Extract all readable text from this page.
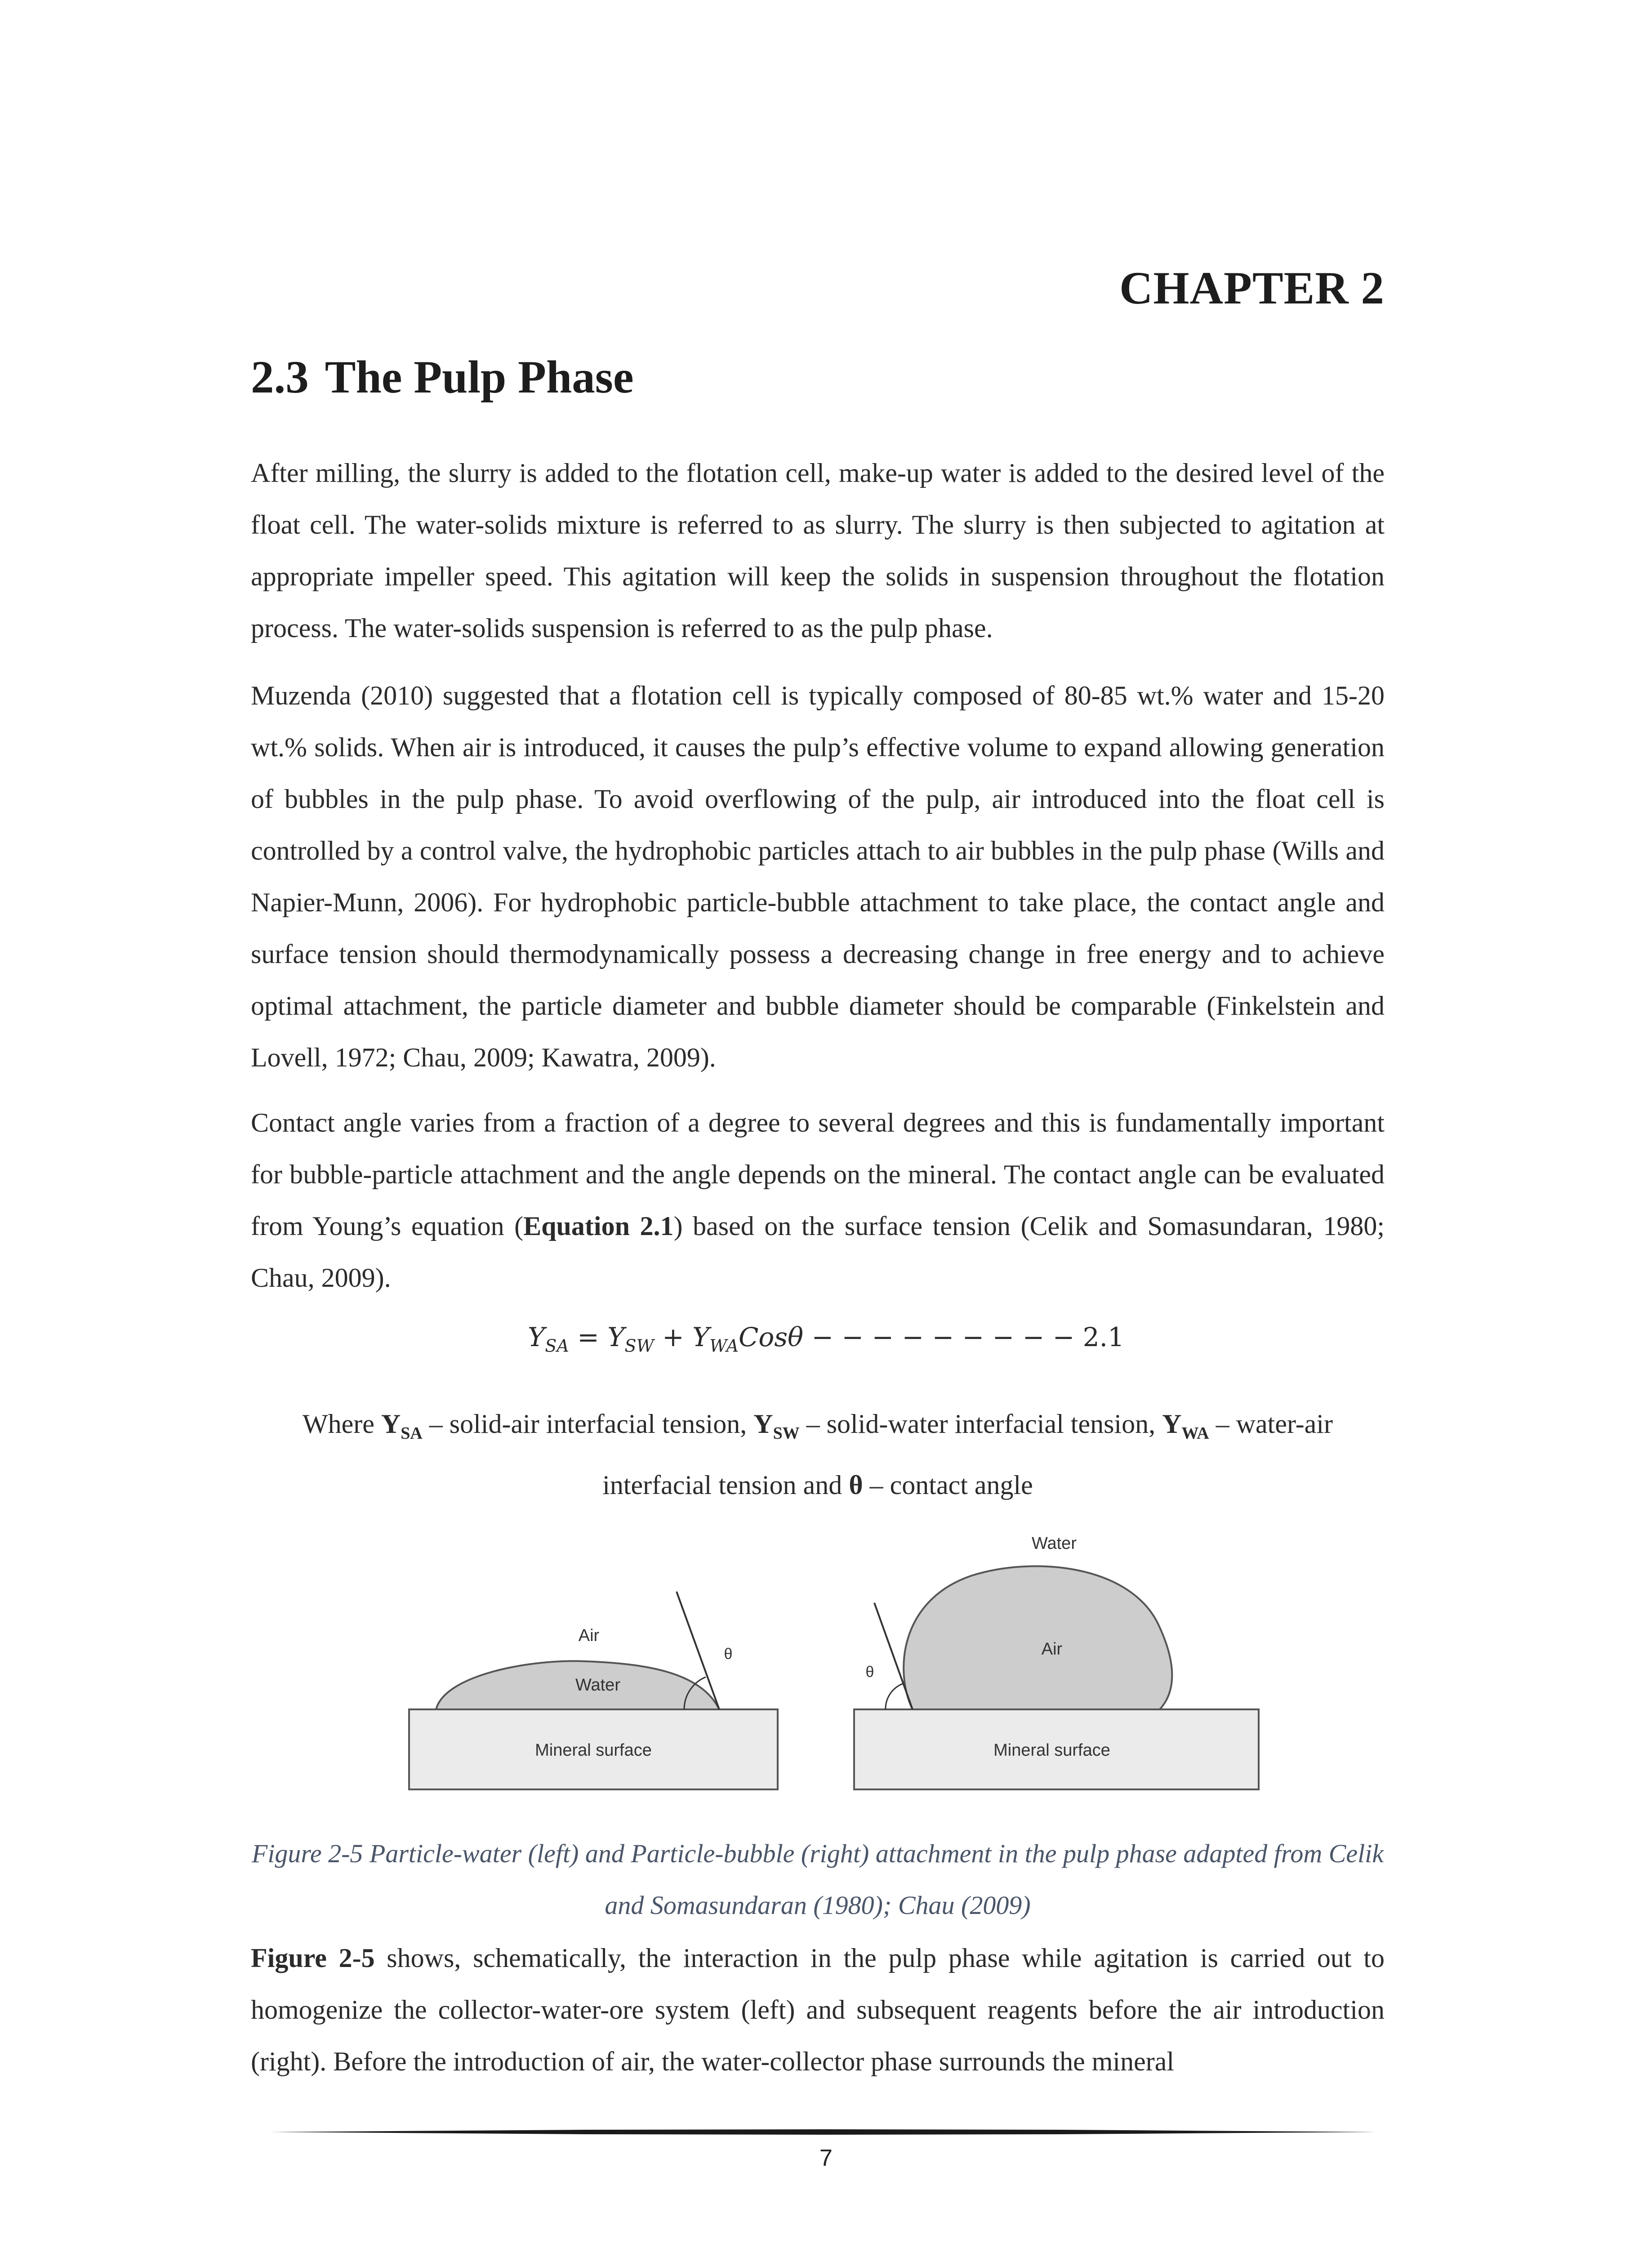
CHAPTER 2
2.3 The Pulp Phase

After milling, the slurry is added to the flotation cell, make-up water is added to the desired level of the float cell. The water-solids mixture is referred to as slurry. The slurry is then subjected to agitation at appropriate impeller speed. This agitation will keep the solids in suspension throughout the flotation process. The water-solids suspension is referred to as the pulp phase.

Muzenda (2010) suggested that a flotation cell is typically composed of 80-85 wt.% water and 15-20 wt.% solids. When air is introduced, it causes the pulp’s effective volume to expand allowing generation of bubbles in the pulp phase. To avoid overflowing of the pulp, air introduced into the float cell is controlled by a control valve, the hydrophobic particles attach to air bubbles in the pulp phase (Wills and Napier-Munn, 2006). For hydrophobic particle-bubble attachment to take place, the contact angle and surface tension should thermodynamically possess a decreasing change in free energy and to achieve optimal attachment, the particle diameter and bubble diameter should be comparable (Finkelstein and Lovell, 1972; Chau, 2009; Kawatra, 2009).

Contact angle varies from a fraction of a degree to several degrees and this is fundamentally important for bubble-particle attachment and the angle depends on the mineral. The contact angle can be evaluated from Young’s equation (Equation 2.1) based on the surface tension (Celik and Somasundaran, 1980; Chau, 2009).

$Y_{SA} = Y_{SW} + Y_{WA}Cos\theta$ − − − − − − − − − 2.1

Where $Y_{SA}$ – solid-air interfacial tension, $Y_{SW}$ – solid-water interfacial tension, $Y_{WA}$ – water-air interfacial tension and θ – contact angle

Air
Water
θ
Mineral surface
Water
Air
θ
Mineral surface

Figure 2-5 Particle-water (left) and Particle-bubble (right) attachment in the pulp phase adapted from Celik and Somasundaran (1980); Chau (2009)

Figure 2-5 shows, schematically, the interaction in the pulp phase while agitation is carried out to homogenize the collector-water-ore system (left) and subsequent reagents before the air introduction (right). Before the introduction of air, the water-collector phase surrounds the mineral

7
